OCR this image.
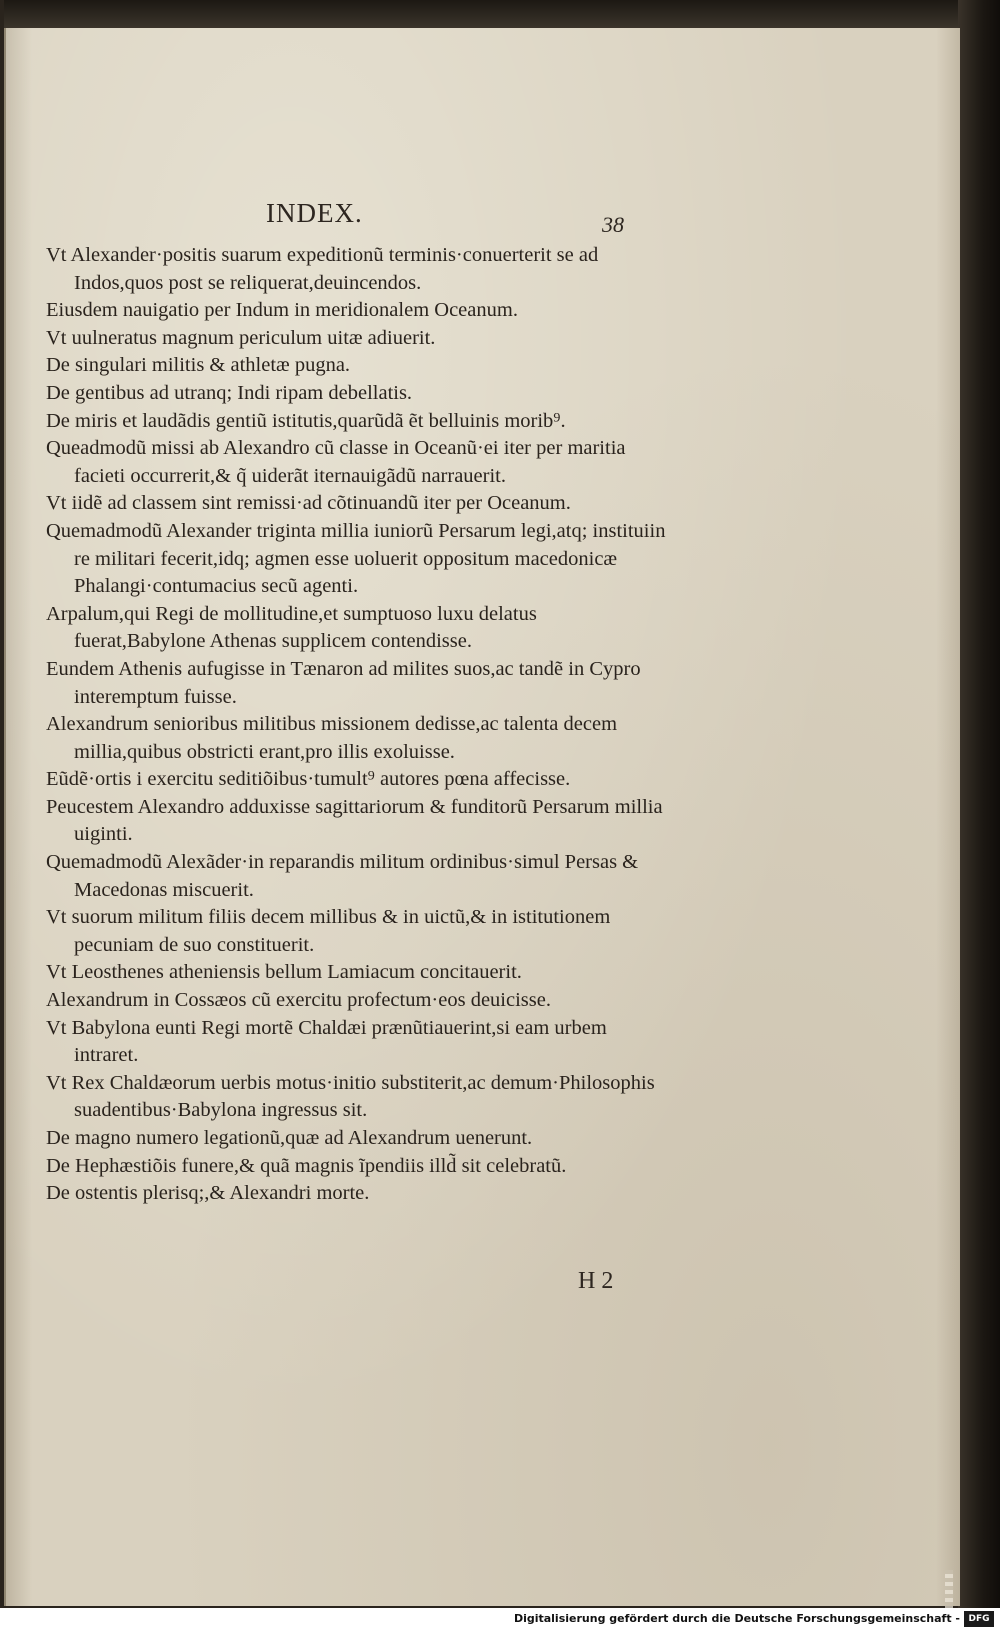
INDEX.	38
Vt Alexander·positis suarum expeditionũ terminis·conuerterit se ad Indos,quos post se reliquerat,deuincendos.
Eiusdem nauigatio per Indum in meridionalem Oceanum.
Vt uulneratus magnum periculum uitæ adiuerit.
De singulari militis & athletæ pugna.
De gentibus ad utranq; Indi ripam debellatis.
De miris et laudãdis gentiũ istitutis,quarũdã ẽt belluinis morib⁹.
Queadmodũ missi ab Alexandro cũ classe in Oceanũ·ei iter per maritia facieti occurrerit,& q̃ uiderãt iternauigãdũ narrauerit.
Vt iidẽ ad classem sint remissi·ad cõtinuandũ iter per Oceanum.
Quemadmodũ Alexander triginta millia iuniorũ Persarum legi,atq; instituiin re militari fecerit,idq; agmen esse uoluerit oppositum macedonicæ Phalangi·contumacius secũ agenti.
Arpalum,qui Regi de mollitudine,et sumptuoso luxu delatus fuerat,Babylone Athenas supplicem contendisse.
Eundem Athenis aufugisse in Tænaron ad milites suos,ac tandẽ in Cypro interemptum fuisse.
Alexandrum senioribus militibus missionem dedisse,ac talenta decem millia,quibus obstricti erant,pro illis exoluisse.
Eũdẽ·ortis i exercitu seditiõibus·tumult⁹ autores pœna affecisse.
Peucestem Alexandro adduxisse sagittariorum & funditorũ Persarum millia uiginti.
Quemadmodũ Alexãder·in reparandis militum ordinibus·simul Persas & Macedonas miscuerit.
Vt suorum militum filiis decem millibus & in uictũ,& in istitutionem pecuniam de suo constituerit.
Vt Leosthenes atheniensis bellum Lamiacum concitauerit.
Alexandrum in Cossæos cũ exercitu profectum·eos deuicisse.
Vt Babylona eunti Regi mortẽ Chaldæi prænũtiauerint,si eam urbem intraret.
Vt Rex Chaldæorum uerbis motus·initio substiterit,ac demum·Philosophis suadentibus·Babylona ingressus sit.
De magno numero legationũ,quæ ad Alexandrum uenerunt.
De Hephæstiõis funere,& quã magnis ĩpendiis illd̃ sit celebratũ.
De ostentis plerisq;,& Alexandri morte.
H 2
Digitalisierung gefördert durch die Deutsche Forschungsgemeinschaft - DFG
